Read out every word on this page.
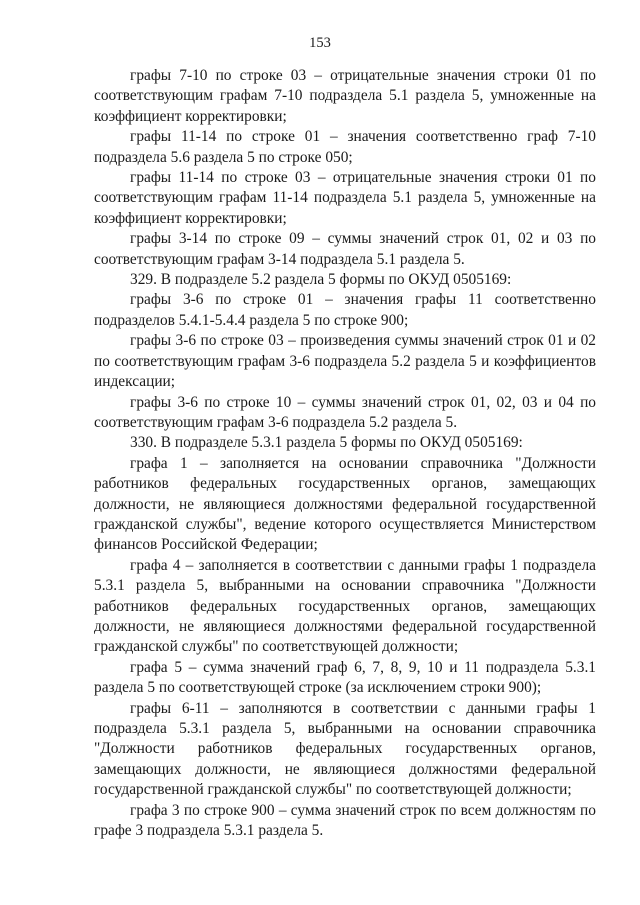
153

графы 7-10 по строке 03 – отрицательные значения строки 01 по соответствующим графам 7-10 подраздела 5.1 раздела 5, умноженные на коэффициент корректировки;

графы 11-14 по строке 01 – значения соответственно граф 7-10 подраздела 5.6 раздела 5 по строке 050;

графы 11-14 по строке 03 – отрицательные значения строки 01 по соответствующим графам 11-14 подраздела 5.1 раздела 5, умноженные на коэффициент корректировки;

графы 3-14 по строке 09 – суммы значений строк 01, 02 и 03 по соответствующим графам 3-14 подраздела 5.1 раздела 5.

329. В подразделе 5.2 раздела 5 формы по ОКУД 0505169:

графы 3-6 по строке 01 – значения графы 11 соответственно подразделов 5.4.1-5.4.4 раздела 5 по строке 900;

графы 3-6 по строке 03 – произведения суммы значений строк 01 и 02 по соответствующим графам 3-6 подраздела 5.2 раздела 5 и коэффициентов индексации;

графы 3-6 по строке 10 – суммы значений строк 01, 02, 03 и 04 по соответствующим графам 3-6 подраздела 5.2 раздела 5.

330. В подразделе 5.3.1 раздела 5 формы по ОКУД 0505169:

графа 1 – заполняется на основании справочника "Должности работников федеральных государственных органов, замещающих должности, не являющиеся должностями федеральной государственной гражданской службы", ведение которого осуществляется Министерством финансов Российской Федерации;

графа 4 – заполняется в соответствии с данными графы 1 подраздела 5.3.1 раздела 5, выбранными на основании справочника "Должности работников федеральных государственных органов, замещающих должности, не являющиеся должностями федеральной государственной гражданской службы" по соответствующей должности;

графа 5 – сумма значений граф 6, 7, 8, 9, 10 и 11 подраздела 5.3.1 раздела 5 по соответствующей строке (за исключением строки 900);

графы 6-11 – заполняются в соответствии с данными графы 1 подраздела 5.3.1 раздела 5, выбранными на основании справочника "Должности работников федеральных государственных органов, замещающих должности, не являющиеся должностями федеральной государственной гражданской службы" по соответствующей должности;

графа 3 по строке 900 – сумма значений строк по всем должностям по графе 3 подраздела 5.3.1 раздела 5.
